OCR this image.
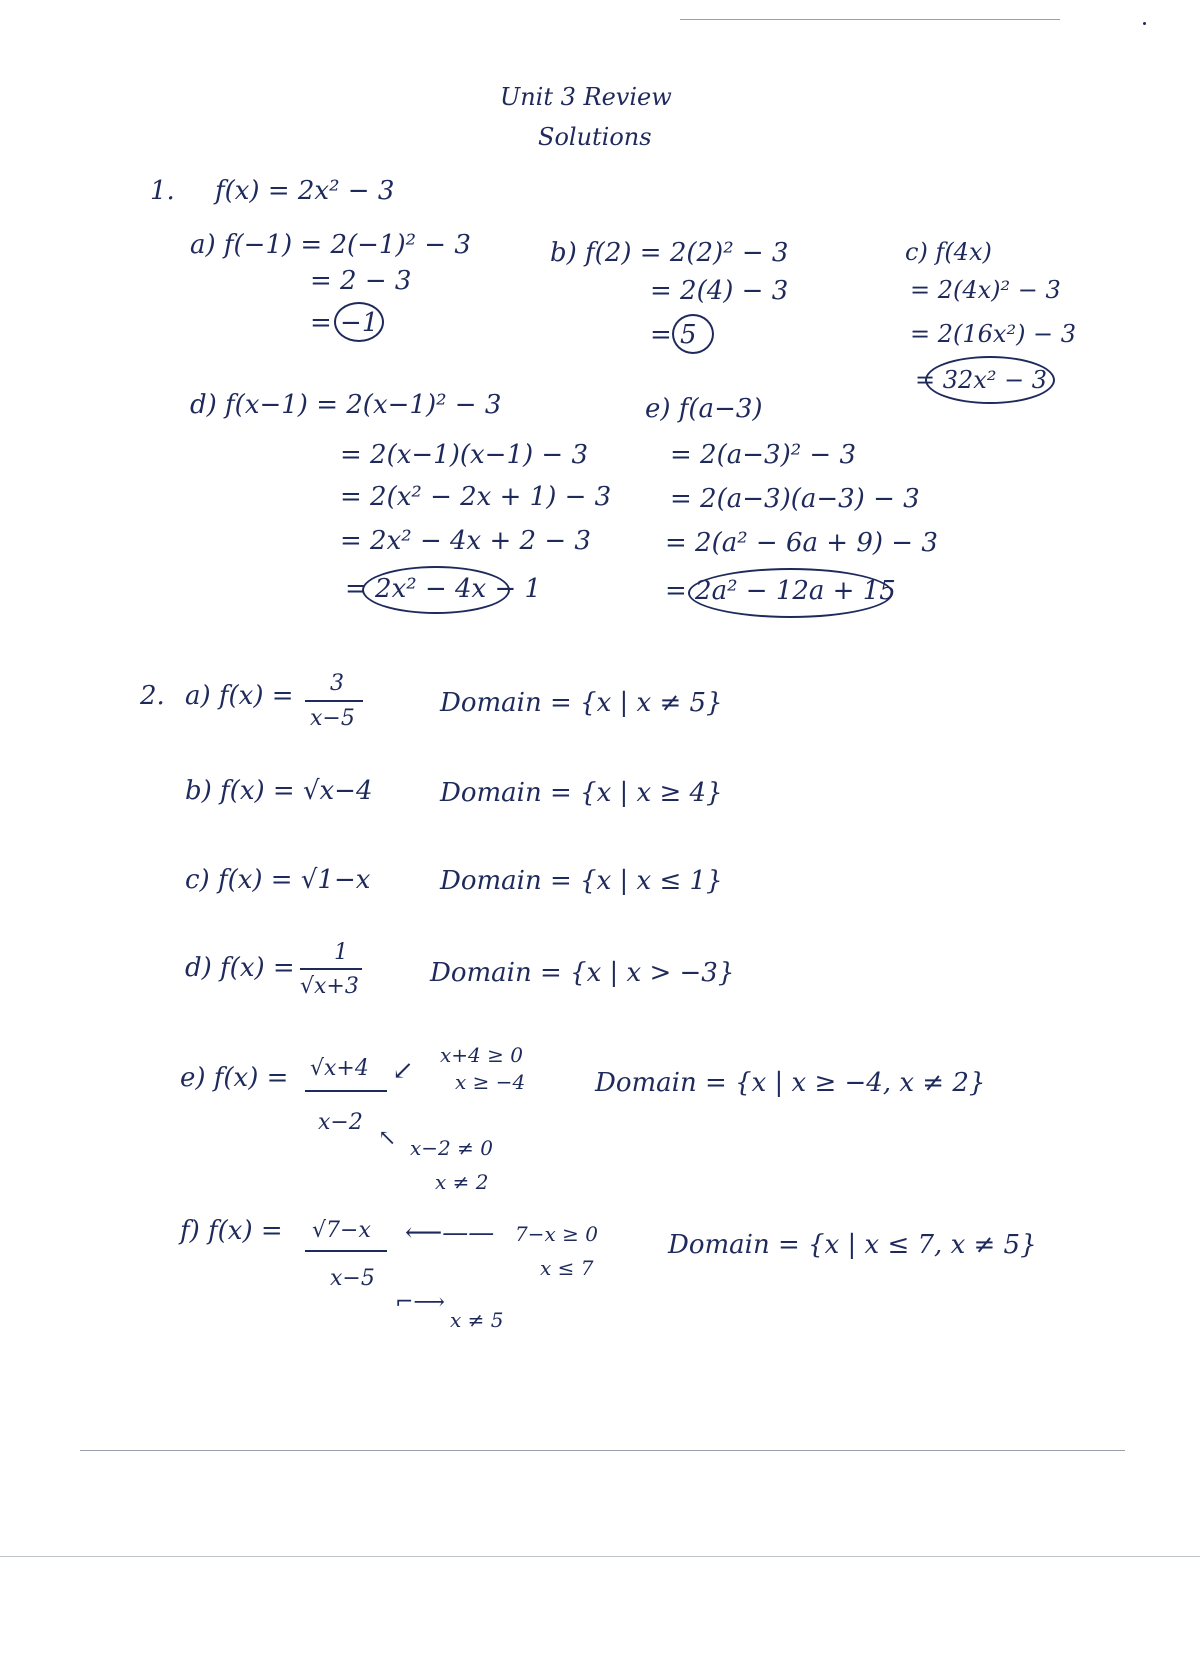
Unit 3 Review
Solutions
1. f(x) = 2x² − 3
a) f(−1) = 2(−1)² − 3
= 2 − 3
= −1
b) f(2) = 2(2)² − 3
= 2(4) − 3
= 5
c) f(4x)
= 2(4x)² − 3
= 2(16x²) − 3
= 32x² − 3
d) f(x−1) = 2(x−1)² − 3
= 2(x−1)(x−1) − 3
= 2(x² − 2x + 1) − 3
= 2x² − 4x + 2 − 3
= 2x² − 4x − 1
e) f(a−3)
= 2(a−3)² − 3
= 2(a−3)(a−3) − 3
= 2(a² − 6a + 9) − 3
= 2a² − 12a + 15
2. a) f(x) = 3
x−5
Domain = {x | x ≠ 5}
b) f(x) = √x−4	Domain = {x | x ≥ 4}
c) f(x) = √1−x	Domain = {x | x ≤ 1}
d) f(x) =
1
√x+3	Domain = {x | x > −3}
e) f(x) = √x+4
x−2
↙
x+4 ≥ 0
x ≥ −4
↖ x−2 ≠ 0
x ≠ 2
Domain = {x | x ≥ −4, x ≠ 2}
f) f(x) = √7−x
x−5
⟵—— 7−x ≥ 0
x ≤ 7
⌐⟶
x ≠ 5
Domain = {x | x ≤ 7, x ≠ 5}
